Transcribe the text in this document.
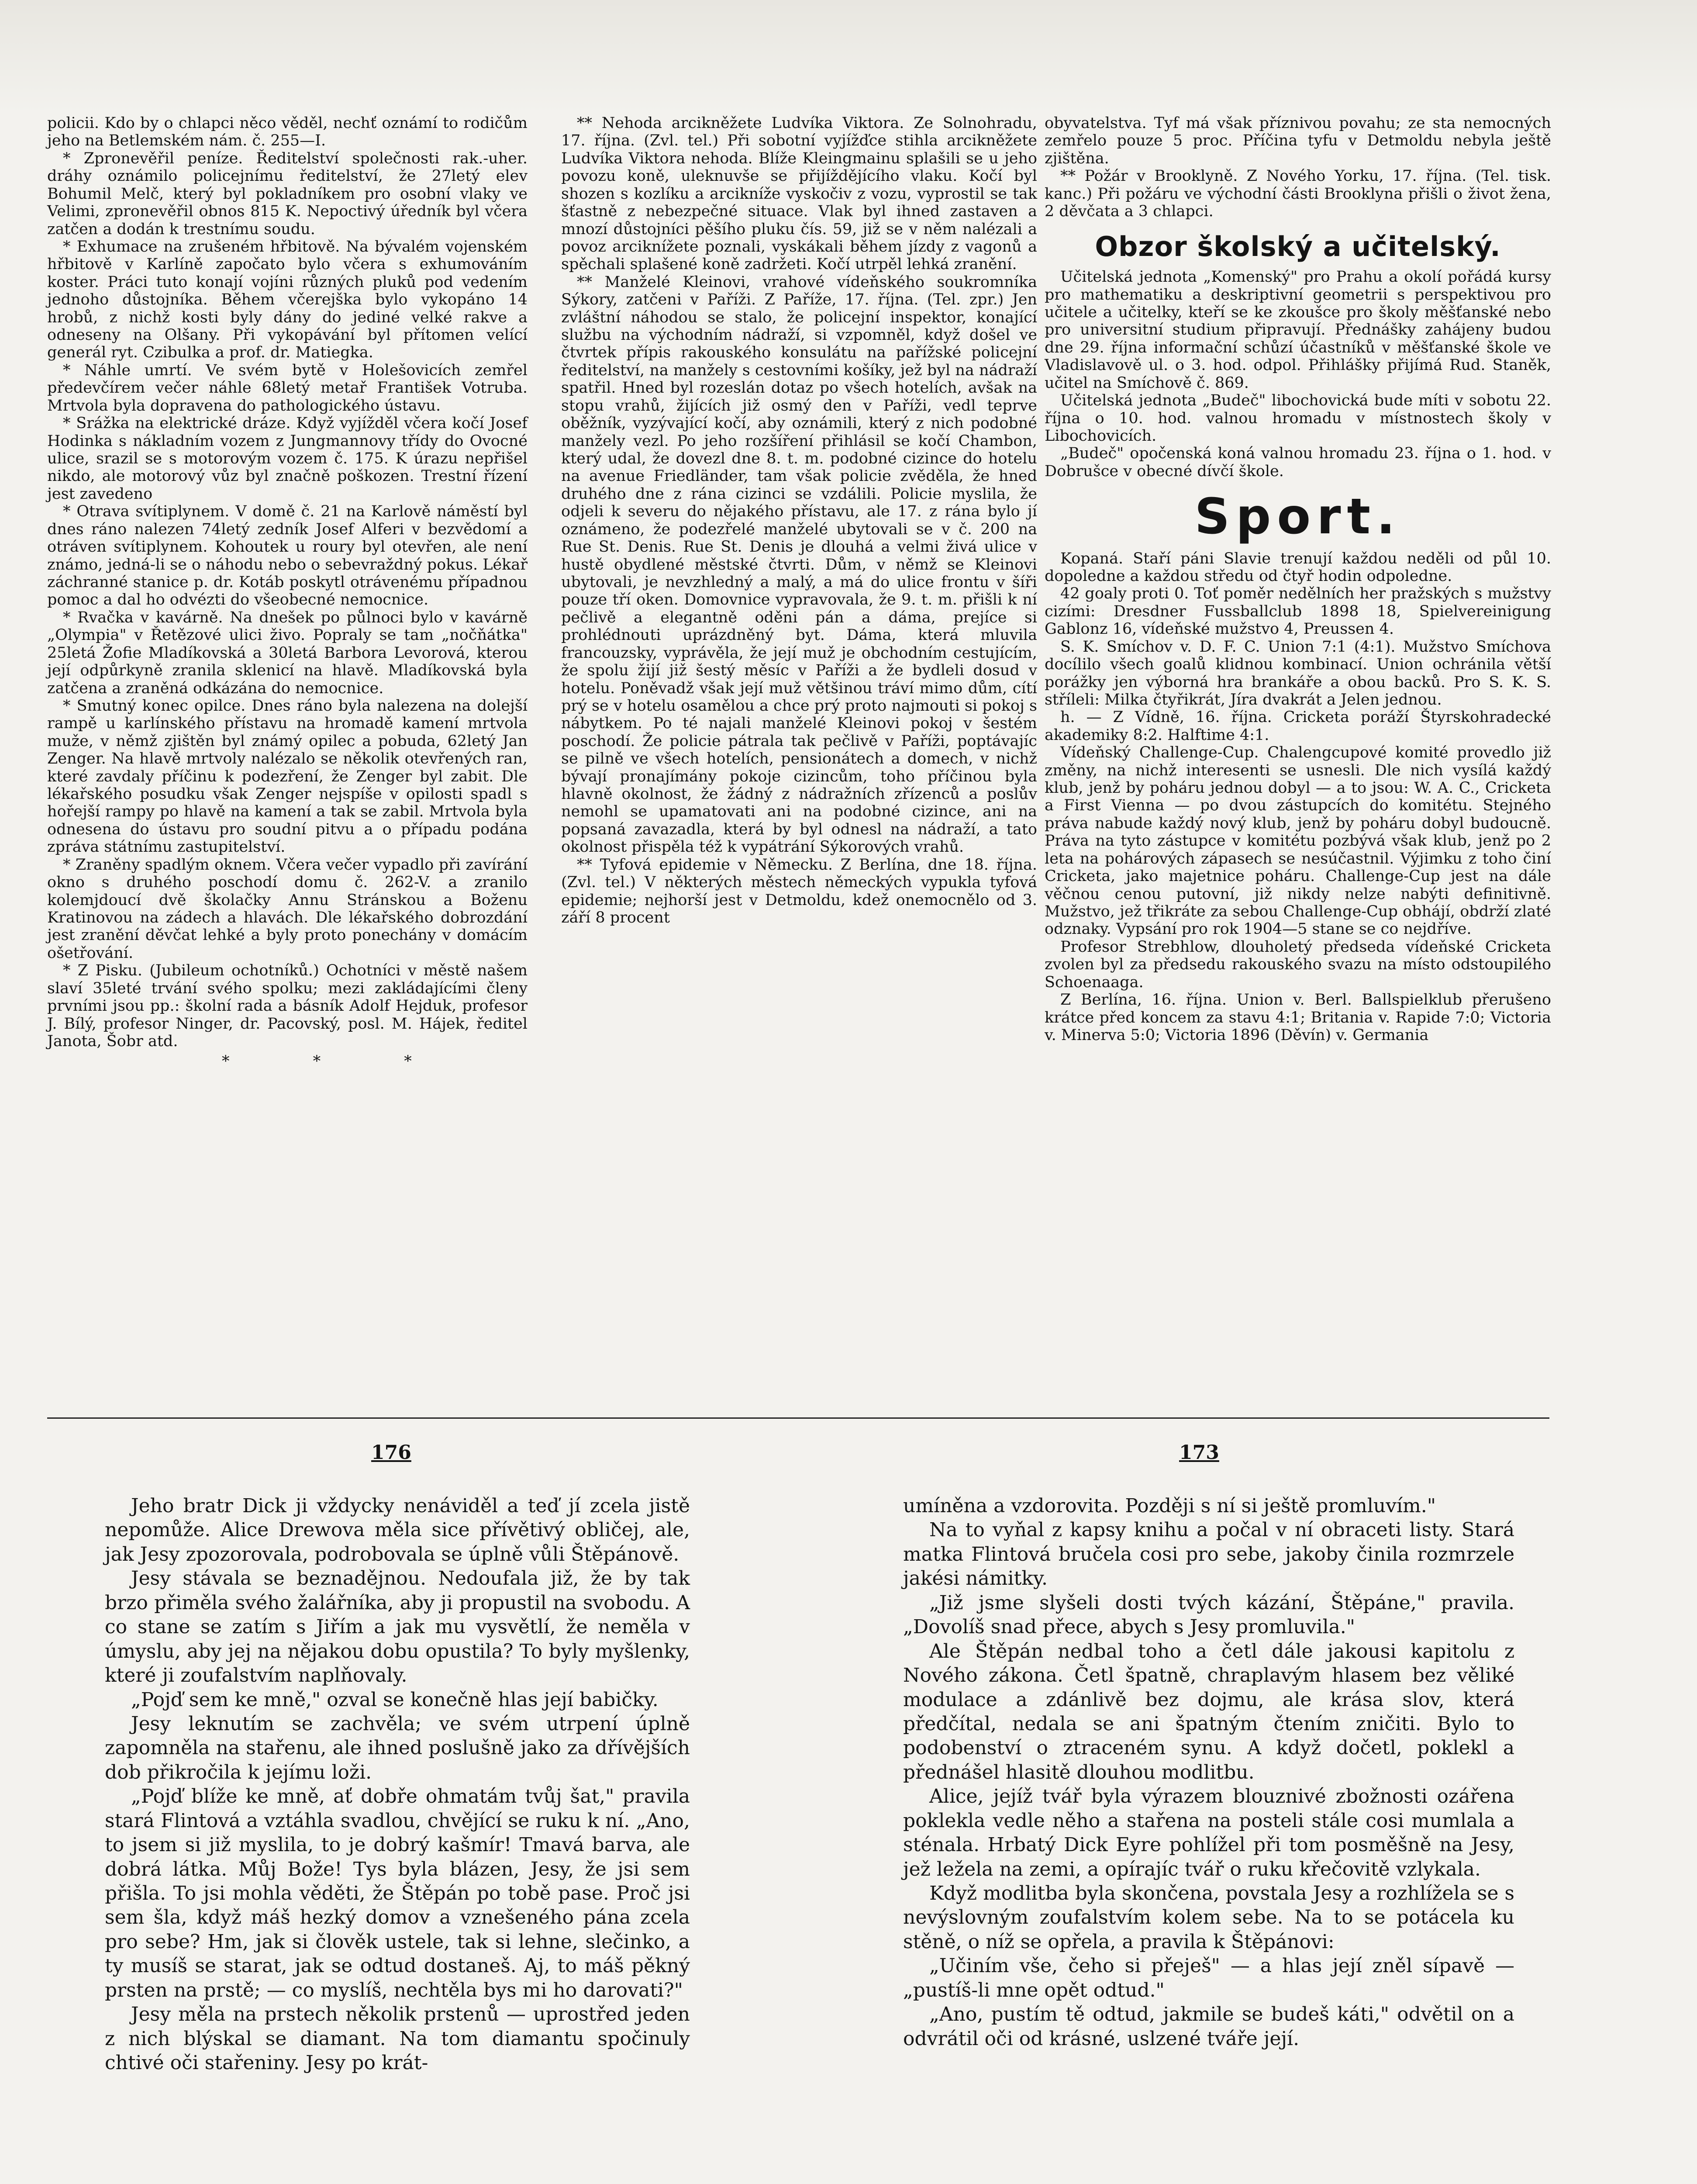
policii. Kdo by o chlapci něco věděl, nechť oznámí to rodičům jeho na Betlemském nám. č. 255—I.

* Zpronevěřil peníze. Ředitelství společnosti rak.-uher. dráhy oznámilo policejnímu ředitelství, že 27letý elev Bohumil Melč, který byl pokladníkem pro osobní vlaky ve Velimi, zpronevěřil obnos 815 K. Nepoctivý úředník byl včera zatčen a dodán k trestnímu soudu.

* Exhumace na zrušeném hřbitově. Na bývalém vojenském hřbitově v Karlíně započato bylo včera s exhumováním koster. Práci tuto konají vojíni různých pluků pod vedením jednoho důstojníka. Během včerejška bylo vykopáno 14 hrobů, z nichž kosti byly dány do jediné velké rakve a odneseny na Olšany. Při vykopávání byl přítomen velící generál ryt. Czibulka a prof. dr. Matiegka.

* Náhle umrtí. Ve svém bytě v Holešovicích zemřel předevčírem večer náhle 68letý metař František Votruba. Mrtvola byla dopravena do pathologického ústavu.

* Srážka na elektrické dráze. Když vyjížděl včera kočí Josef Hodinka s nákladním vozem z Jungmannovy třídy do Ovocné ulice, srazil se s motorovým vozem č. 175. K úrazu nepřišel nikdo, ale motorový vůz byl značně poškozen. Trestní řízení jest zavedeno

* Otrava svítiplynem. V domě č. 21 na Karlově náměstí byl dnes ráno nalezen 74letý zedník Josef Alferi v bezvědomí a otráven svítiplynem. Kohoutek u roury byl otevřen, ale není známo, jedná-li se o náhodu nebo o sebevraždný pokus. Lékař záchranné stanice p. dr. Kotáb poskytl otrávenému případnou pomoc a dal ho odvézti do všeobecné nemocnice.

* Rvačka v kavárně. Na dnešek po půlnoci bylo v kavárně „Olympia" v Řetězové ulici živo. Popraly se tam „nočňátka" 25letá Žofie Mladíkovská a 30letá Barbora Levorová, kterou její odpůrkyně zranila sklenicí na hlavě. Mladíkovská byla zatčena a zraněná odkázána do nemocnice.

* Smutný konec opilce. Dnes ráno byla nalezena na dolejší rampě u karlínského přístavu na hromadě kamení mrtvola muže, v němž zjištěn byl známý opilec a pobuda, 62letý Jan Zenger. Na hlavě mrtvoly nalézalo se několik otevřených ran, které zavdaly příčinu k podezření, že Zenger byl zabit. Dle lékařského posudku však Zenger nejspíše v opilosti spadl s hořejší rampy po hlavě na kamení a tak se zabil. Mrtvola byla odnesena do ústavu pro soudní pitvu a o případu podána zpráva státnímu zastupitelství.

* Zraněny spadlým oknem. Včera večer vypadlo při zavírání okno s druhého poschodí domu č. 262-V. a zranilo kolemjdoucí dvě školačky Annu Stránskou a Boženu Kratinovou na zádech a hlavách. Dle lékařského dobrozdání jest zranění děvčat lehké a byly proto ponechány v domácím ošetřování.

* Z Pisku. (Jubileum ochotníků.) Ochotníci v městě našem slaví 35leté trvání svého spolku; mezi zakládajícími členy prvními jsou pp.: školní rada a básník Adolf Hejduk, profesor J. Bílý, profesor Ninger, dr. Pacovský, posl. M. Hájek, ředitel Janota, Šobr atd.

* * *

** Nehoda arcikněžete Ludvíka Viktora. Ze Solnohradu, 17. října. (Zvl. tel.) Při sobotní vyjížďce stihla arcikněžete Ludvíka Viktora nehoda. Blíže Kleingmainu splašili se u jeho povozu koně, uleknuvše se přijíždějícího vlaku. Kočí byl shozen s kozlíku a arcikníže vyskočiv z vozu, vyprostil se tak šťastně z nebezpečné situace. Vlak byl ihned zastaven a mnozí důstojníci pěšího pluku čís. 59, již se v něm nalézali a povoz arciknížete poznali, vyskákali během jízdy z vagonů a spěchali splašené koně zadržeti. Kočí utrpěl lehká zranění.

** Manželé Kleinovi, vrahové vídeňského soukromníka Sýkory, zatčeni v Paříži. Z Paříže, 17. října. (Tel. zpr.) Jen zvláštní náhodou se stalo, že policejní inspektor, konající službu na východním nádraží, si vzpomněl, když došel ve čtvrtek přípis rakouského konsulátu na pařížské policejní ředitelství, na manžely s cestovními košíky, jež byl na nádraží spatřil. Hned byl rozeslán dotaz po všech hotelích, avšak na stopu vrahů, žijících již osmý den v Paříži, vedl teprve oběžník, vyzývající kočí, aby oznámili, který z nich podobné manžely vezl. Po jeho rozšíření přihlásil se kočí Chambon, který udal, že dovezl dne 8. t. m. podobné cizince do hotelu na avenue Friedländer, tam však policie zvěděla, že hned druhého dne z rána cizinci se vzdálili. Policie myslila, že odjeli k severu do nějakého přístavu, ale 17. z rána bylo jí oznámeno, že podezřelé manželé ubytovali se v č. 200 na Rue St. Denis. Rue St. Denis je dlouhá a velmi živá ulice v hustě obydlené městské čtvrti. Dům, v němž se Kleinovi ubytovali, je nevzhledný a malý, a má do ulice frontu v šíři pouze tří oken. Domovnice vypravovala, že 9. t. m. přišli k ní pečlivě a elegantně oděni pán a dáma, prejíce si prohlédnouti uprázdněný byt. Dáma, která mluvila francouzsky, vyprávěla, že její muž je obchodním cestujícím, že spolu žijí již šestý měsíc v Paříži a že bydleli dosud v hotelu. Poněvadž však její muž většinou tráví mimo dům, cítí prý se v hotelu osamělou a chce prý proto najmouti si pokoj s nábytkem. Po té najali manželé Kleinovi pokoj v šestém poschodí. Že policie pátrala tak pečlivě v Paříži, poptávajíc se pilně ve všech hotelích, pensionátech a domech, v nichž bývají pronajímány pokoje cizincům, toho příčinou byla hlavně okolnost, že žádný z nádražních zřízenců a poslův nemohl se upamatovati ani na podobné cizince, ani na popsaná zavazadla, která by byl odnesl na nádraží, a tato okolnost přispěla též k vypátrání Sýkorových vrahů.

** Tyfová epidemie v Německu. Z Berlína, dne 18. října. (Zvl. tel.) V některých městech německých vypukla tyfová epidemie; nejhorší jest v Detmoldu, kdež onemocnělo od 3. září 8 procent

obyvatelstva. Tyf má však příznivou povahu; ze sta nemocných zemřelo pouze 5 proc. Příčina tyfu v Detmoldu nebyla ještě zjištěna.

** Požár v Brooklyně. Z Nového Yorku, 17. října. (Tel. tisk. kanc.) Při požáru ve východní části Brooklyna přišli o život žena, 2 děvčata a 3 chlapci.

Obzor školský a učitelský.

Učitelská jednota „Komenský" pro Prahu a okolí pořádá kursy pro mathematiku a deskriptivní geometrii s perspektivou pro učitele a učitelky, kteří se ke zkoušce pro školy měšťanské nebo pro universitní studium připravují. Přednášky zahájeny budou dne 29. října informační schůzí účastníků v měšťanské škole ve Vladislavově ul. o 3. hod. odpol. Přihlášky přijímá Rud. Staněk, učitel na Smíchově č. 869.

Učitelská jednota „Budeč" libochovická bude míti v sobotu 22. října o 10. hod. valnou hromadu v místnostech školy v Libochovicích.

„Budeč" opočenská koná valnou hromadu 23. října o 1. hod. v Dobrušce v obecné dívčí škole.

Sport.

Kopaná. Staří páni Slavie trenují každou neděli od půl 10. dopoledne a každou středu od čtyř hodin odpoledne.

42 goaly proti 0. Toť poměr nedělních her pražských s mužstvy cizími: Dresdner Fussballclub 1898 18, Spielvereinigung Gablonz 16, vídeňské mužstvo 4, Preussen 4.

S. K. Smíchov v. D. F. C. Union 7:1 (4:1). Mužstvo Smíchova docílilo všech goalů klidnou kombinací. Union ochránila větší porážky jen výborná hra brankáře a obou backů. Pro S. K. S. stříleli: Milka čtyřikrát, Jíra dvakrát a Jelen jednou.

h. — Z Vídně, 16. října. Cricketa poráží Štyrskohradecké akademiky 8:2. Halftime 4:1.

Vídeňský Challenge-Cup. Chalengcupové komité provedlo již změny, na nichž interesenti se usnesli. Dle nich vysílá každý klub, jenž by poháru jednou dobyl — a to jsou: W. A. C., Cricketa a First Vienna — po dvou zástupcích do komitétu. Stejného práva nabude každý nový klub, jenž by poháru dobyl budoucně. Práva na tyto zástupce v komitétu pozbývá však klub, jenž po 2 leta na pohárových zápasech se nesúčastnil. Výjimku z toho činí Cricketa, jako majetnice poháru. Challenge-Cup jest na dále věčnou cenou putovní, již nikdy nelze nabýti definitivně. Mužstvo, jež třikráte za sebou Challenge-Cup obhájí, obdrží zlaté odznaky. Vypsání pro rok 1904—5 stane se co nejdříve.

Profesor Strebhlow, dlouholetý předseda vídeňské Cricketa zvolen byl za předsedu rakouského svazu na místo odstoupilého Schoenaaga.

Z Berlína, 16. října. Union v. Berl. Ballspielklub přerušeno krátce před koncem za stavu 4:1; Britania v. Rapide 7:0; Victoria v. Minerva 5:0; Victoria 1896 (Děvín) v. Germania

176	173

Jeho bratr Dick ji vždycky nenáviděl a teď jí zcela jistě nepomůže. Alice Drewova měla sice přívětivý obličej, ale, jak Jesy zpozorovala, podrobovala se úplně vůli Štěpánově.

Jesy stávala se beznadějnou. Nedoufala již, že by tak brzo přiměla svého žalářníka, aby ji propustil na svobodu. A co stane se zatím s Jiřím a jak mu vysvětlí, že neměla v úmyslu, aby jej na nějakou dobu opustila? To byly myšlenky, které ji zoufalstvím naplňovaly.

„Pojď sem ke mně," ozval se konečně hlas její babičky.

Jesy leknutím se zachvěla; ve svém utrpení úplně zapomněla na stařenu, ale ihned poslušně jako za dřívějších dob přikročila k jejímu loži.

„Pojď blíže ke mně, ať dobře ohmatám tvůj šat," pravila stará Flintová a vztáhla svadlou, chvějící se ruku k ní. „Ano, to jsem si již myslila, to je dobrý kašmír! Tmavá barva, ale dobrá látka. Můj Bože! Tys byla blázen, Jesy, že jsi sem přišla. To jsi mohla věděti, že Štěpán po tobě pase. Proč jsi sem šla, když máš hezký domov a vznešeného pána zcela pro sebe? Hm, jak si člověk ustele, tak si lehne, slečinko, a ty musíš se starat, jak se odtud dostaneš. Aj, to máš pěkný prsten na prstě; — co myslíš, nechtěla bys mi ho darovati?"

Jesy měla na prstech několik prstenů — uprostřed jeden z nich blýskal se diamant. Na tom diamantu spočinuly chtivé oči stařeniny. Jesy po krát-

umíněna a vzdorovita. Později s ní si ještě promluvím."

Na to vyňal z kapsy knihu a počal v ní obraceti listy. Stará matka Flintová bručela cosi pro sebe, jakoby činila rozmrzele jakési námitky.

„Již jsme slyšeli dosti tvých kázání, Štěpáne," pravila. „Dovolíš snad přece, abych s Jesy promluvila."

Ale Štěpán nedbal toho a četl dále jakousi kapitolu z Nového zákona. Četl špatně, chraplavým hlasem bez věliké modulace a zdánlivě bez dojmu, ale krása slov, která předčítal, nedala se ani špatným čtením zničiti. Bylo to podobenství o ztraceném synu. A když dočetl, poklekl a přednášel hlasitě dlouhou modlitbu.

Alice, jejíž tvář byla výrazem blouznivé zbožnosti ozářena poklekla vedle něho a stařena na posteli stále cosi mumlala a sténala. Hrbatý Dick Eyre pohlížel při tom posměšně na Jesy, jež ležela na zemi, a opírajíc tvář o ruku křečovitě vzlykala.

Když modlitba byla skončena, povstala Jesy a rozhlížela se s nevýslovným zoufalstvím kolem sebe. Na to se potácela ku stěně, o níž se opřela, a pravila k Štěpánovi:

„Učiním vše, čeho si přeješ" — a hlas její zněl sípavě — „pustíš-li mne opět odtud."

„Ano, pustím tě odtud, jakmile se budeš káti," odvětil on a odvrátil oči od krásné, uslzené tváře její.
